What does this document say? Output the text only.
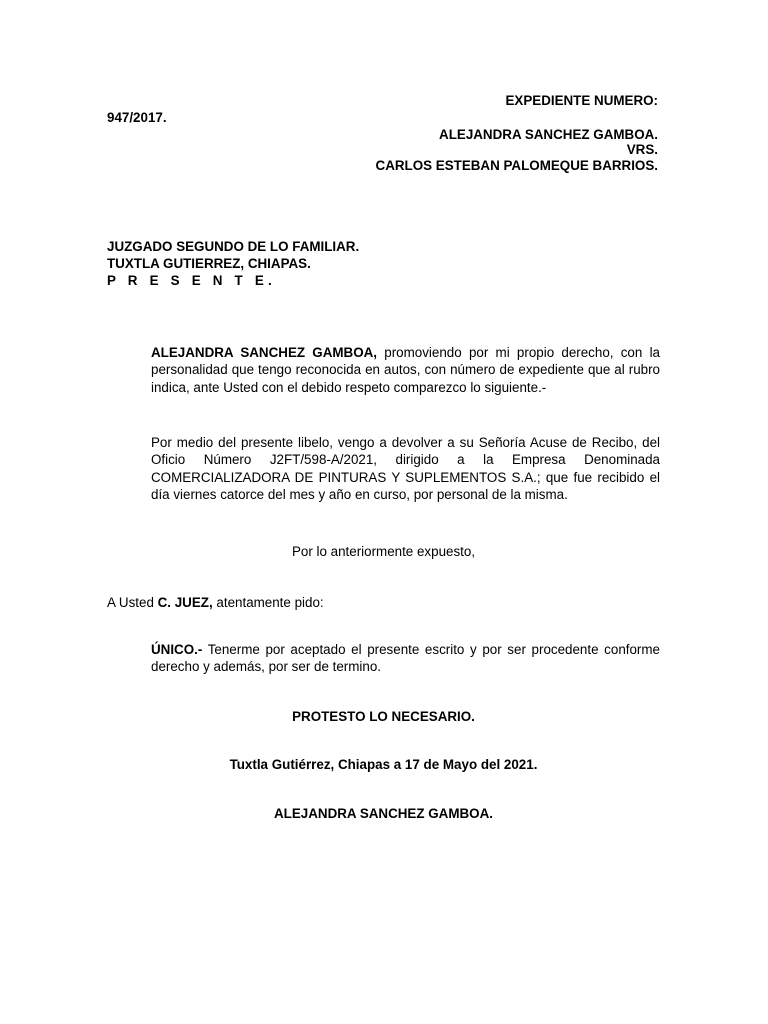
EXPEDIENTE NUMERO:
947/2017.
ALEJANDRA SANCHEZ GAMBOA.
VRS.
CARLOS ESTEBAN PALOMEQUE BARRIOS.
JUZGADO SEGUNDO DE LO FAMILIAR.
TUXTLA GUTIERREZ, CHIAPAS.
P R E S E N T E.

ALEJANDRA SANCHEZ GAMBOA, promoviendo por mi propio derecho, con la personalidad que tengo reconocida en autos, con número de expediente que al rubro indica, ante Usted con el debido respeto comparezco lo siguiente.-

Por medio del presente libelo, vengo a devolver a su Señoría Acuse de Recibo, del Oficio Número J2FT/598-A/2021, dirigido a la Empresa Denominada COMERCIALIZADORA DE PINTURAS Y SUPLEMENTOS S.A.; que fue recibido el día viernes catorce del mes y año en curso, por personal de la misma.

Por lo anteriormente expuesto,
A Usted C. JUEZ, atentamente pido:

ÚNICO.- Tenerme por aceptado el presente escrito y por ser procedente conforme derecho y además, por ser de termino.

PROTESTO LO NECESARIO.
Tuxtla Gutiérrez, Chiapas a 17 de Mayo del 2021.
ALEJANDRA SANCHEZ GAMBOA.
